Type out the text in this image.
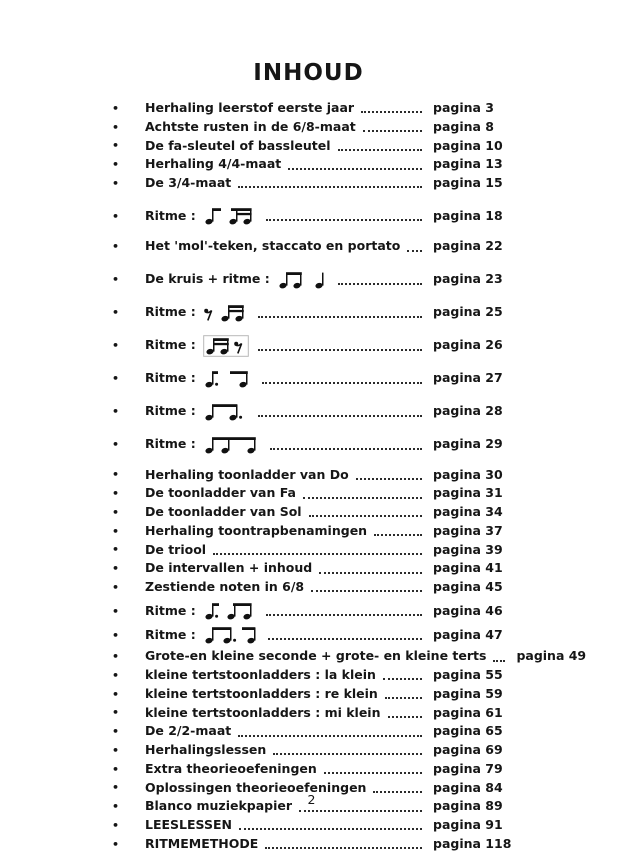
INHOUD
•	Herhaling leerstof eerste jaar	pagina 3
•	Achtste rusten in de 6/8-maat	pagina 8
•	De fa-sleutel of bassleutel	pagina 10
•	Herhaling 4/4-maat	pagina 13
•	De 3/4-maat	pagina 15
•	Ritme :	pagina 18
•	Het 'mol'-teken, staccato en portato	pagina 22
•	De kruis + ritme :	pagina 23
•	Ritme :	pagina 25
•	Ritme :	pagina 26
•	Ritme :	pagina 27
•	Ritme :	pagina 28
•	Ritme :	pagina 29
•	Herhaling toonladder van Do	pagina 30
•	De toonladder van Fa	pagina 31
•	De toonladder van Sol	pagina 34
•	Herhaling toontrapbenamingen	pagina 37
•	De triool	pagina 39
•	De intervallen + inhoud	pagina 41
•	Zestiende noten in 6/8	pagina 45
•	Ritme :	pagina 46
•	Ritme :	pagina 47
•	Grote-en kleine seconde + grote- en kleine terts	pagina 49
•	kleine tertstoonladders : la klein	pagina 55
•	kleine tertstoonladders : re klein	pagina 59
•	kleine tertstoonladders : mi klein	pagina 61
•	De 2/2-maat	pagina 65
•	Herhalingslessen	pagina 69
•	Extra theorieoefeningen	pagina 79
•	Oplossingen theorieoefeningen	pagina 84
•	Blanco muziekpapier	pagina 89
•	LEESLESSEN	pagina 91
•	RITMEMETHODE	pagina 118
2
